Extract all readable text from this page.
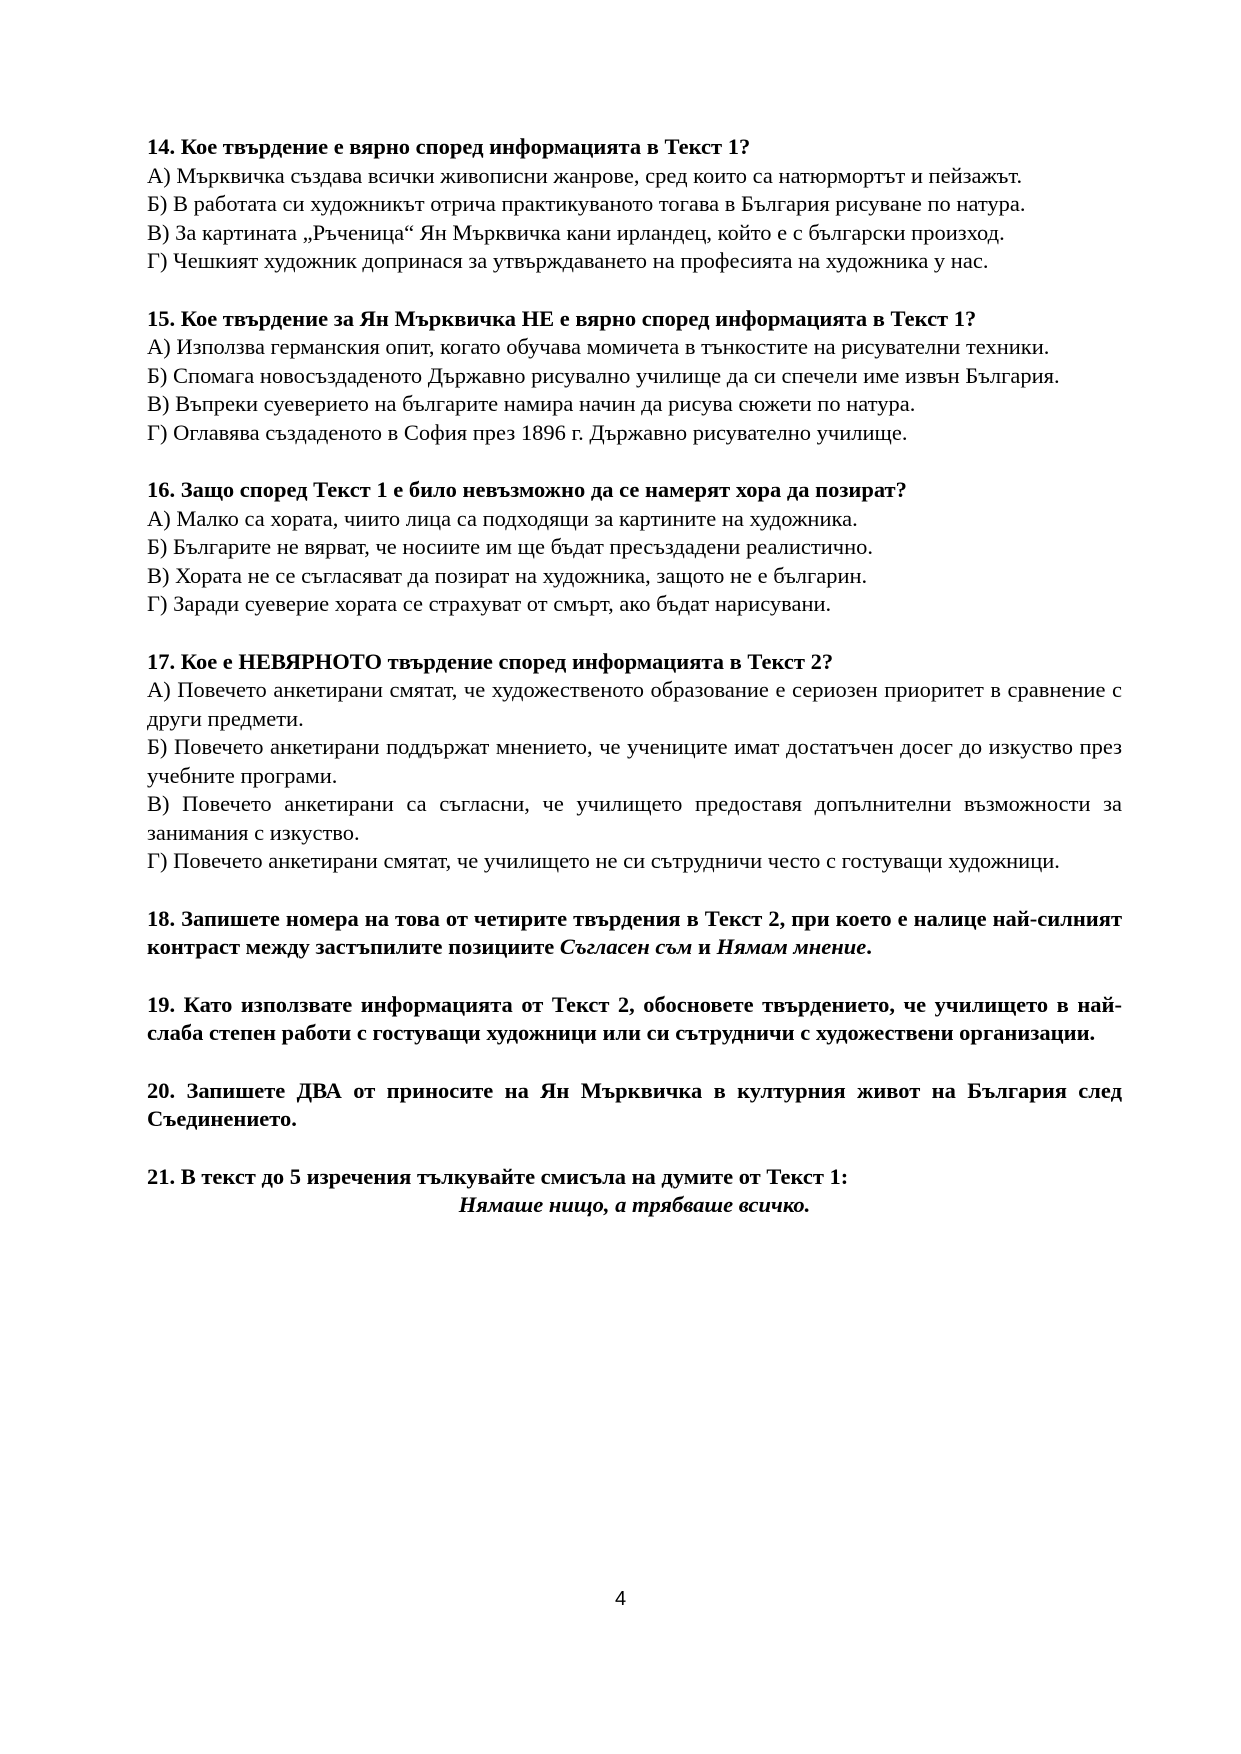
14. Кое твърдение е вярно според информацията в Текст 1?
А) Мърквичка създава всички живописни жанрове, сред които са натюрмортът и пейзажът.
Б) В работата си художникът отрича практикуваното тогава в България рисуване по натура.
В) За картината „Ръченица“ Ян Мърквичка кани ирландец, който е с български произход.
Г) Чешкият художник допринася за утвърждаването на професията на художника у нас.
15. Кое твърдение за Ян Мърквичка НЕ е вярно според информацията в Текст 1?
А) Използва германския опит, когато обучава момичета в тънкостите на рисувателни техники.
Б) Спомага новосъздаденото Държавно рисувално училище да си спечели име извън България.
В) Въпреки суеверието на българите намира начин да рисува сюжети по натура.
Г) Оглавява създаденото в София през 1896 г. Държавно рисувателно училище.
16. Защо според Текст 1 е било невъзможно да се намерят хора да позират?
А) Малко са хората, чиито лица са подходящи за картините на художника.
Б) Българите не вярват, че носиите им ще бъдат пресъздадени реалистично.
В) Хората не се съгласяват да позират на художника, защото не е българин.
Г) Заради суеверие хората се страхуват от смърт, ако бъдат нарисувани.
17. Кое е НЕВЯРНОТО твърдение според информацията в Текст 2?
А) Повечето анкетирани смятат, че художественото образование е сериозен приоритет в сравнение с други предмети.
Б) Повечето анкетирани поддържат мнението, че учениците имат достатъчен досег до изкуство през учебните програми.
В) Повечето анкетирани са съгласни, че училището предоставя допълнителни възможности за занимания с изкуство.
Г) Повечето анкетирани смятат, че училището не си сътрудничи често с гостуващи художници.
18. Запишете номера на това от четирите твърдения в Текст 2, при което е налице най-силният контраст между застъпилите позициите Съгласен съм и Нямам мнение.
19. Като използвате информацията от Текст 2, обосновете твърдението, че училището в най-слаба степен работи с гостуващи художници или си сътрудничи с художествени организации.
20. Запишете ДВА от приносите на Ян Мърквичка в културния живот на България след Съединението.
21. В текст до 5 изречения тълкувайте смисъла на думите от Текст 1:
Нямаше нищо, а трябваше всичко.
4
